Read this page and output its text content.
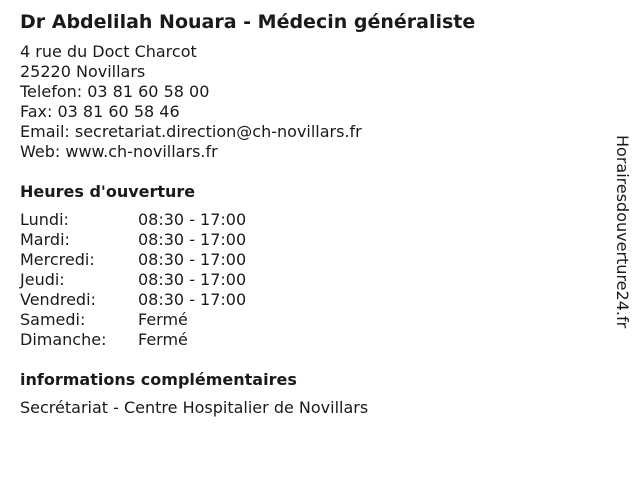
Dr Abdelilah Nouara - Médecin généraliste
4 rue du Doct Charcot
25220 Novillars
Telefon: 03 81 60 58 00
Fax: 03 81 60 58 46
Email: secretariat.direction@ch-novillars.fr
Web: www.ch-novillars.fr
Heures d'ouverture
Lundi:	08:30 - 17:00
Mardi:	08:30 - 17:00
Mercredi:	08:30 - 17:00
Jeudi:	08:30 - 17:00
Vendredi:	08:30 - 17:00
Samedi:	Fermé
Dimanche:	Fermé
informations complémentaires
Secrétariat - Centre Hospitalier de Novillars
Horairesdouverture24.fr
